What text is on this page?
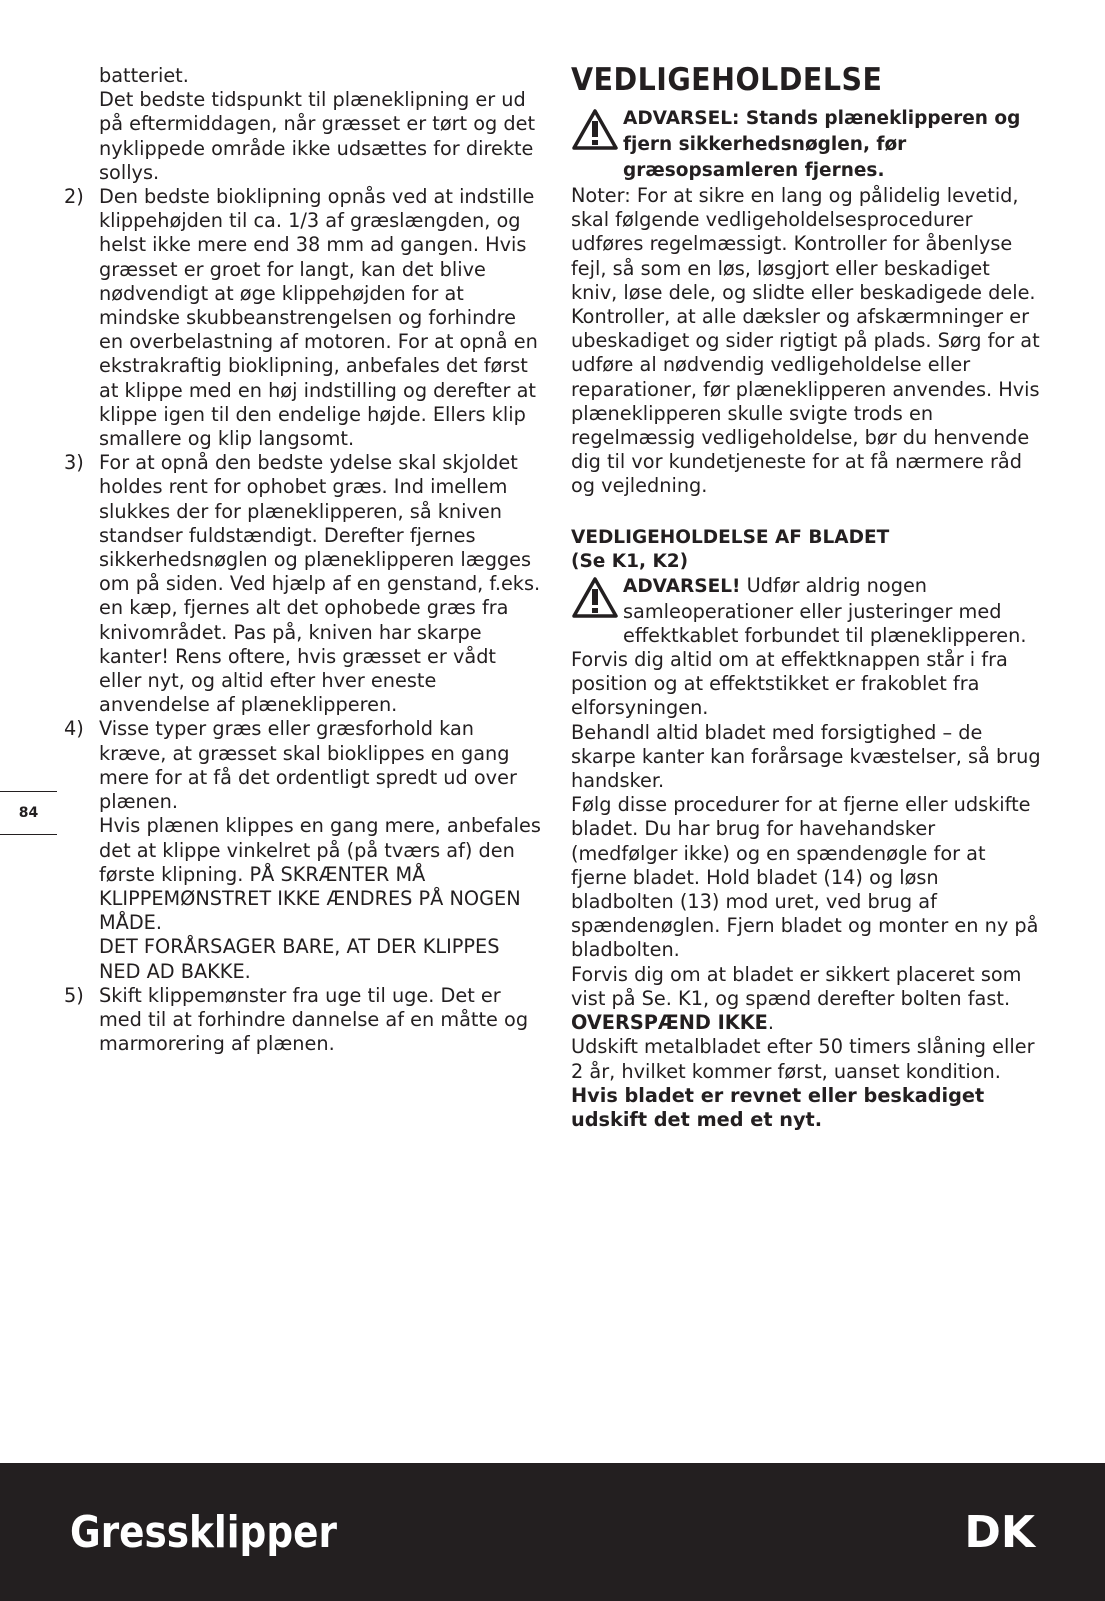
batteriet.
Det bedste tidspunkt til plæneklipning er ud på eftermiddagen, når græsset er tørt og det nyklippede område ikke udsættes for direkte sollys.

2) Den bedste bioklipning opnås ved at indstille klippehøjden til ca. 1/3 af græslængden, og helst ikke mere end 38 mm ad gangen. Hvis græsset er groet for langt, kan det blive nødvendigt at øge klippehøjden for at mindske skubbeanstrengelsen og forhindre en overbelastning af motoren. For at opnå en ekstrakraftig bioklipning, anbefales det først at klippe med en høj indstilling og derefter at klippe igen til den endelige højde. Ellers klip smallere og klip langsomt.
3) For at opnå den bedste ydelse skal skjoldet holdes rent for ophobet græs. Ind imellem slukkes der for plæneklipperen, så kniven standser fuldstændigt. Derefter fjernes sikkerhedsnøglen og plæneklipperen lægges om på siden. Ved hjælp af en genstand, f.eks. en kæp, fjernes alt det ophobede græs fra knivområdet. Pas på, kniven har skarpe kanter! Rens oftere, hvis græsset er vådt eller nyt, og altid efter hver eneste anvendelse af plæneklipperen.
4) Visse typer græs eller græsforhold kan kræve, at græsset skal bioklippes en gang mere for at få det ordentligt spredt ud over plænen.
Hvis plænen klippes en gang mere, anbefales det at klippe vinkelret på (på tværs af) den første klipning. PÅ SKRÆNTER MÅ KLIPPEMØNSTRET IKKE ÆNDRES PÅ NOGEN MÅDE.
DET FORÅRSAGER BARE, AT DER KLIPPES NED AD BAKKE.
5) Skift klippemønster fra uge til uge. Det er med til at forhindre dannelse af en måtte og marmorering af plænen.
84
VEDLIGEHOLDELSE
ADVARSEL: Stands plæneklipperen og fjern sikkerhedsnøglen, før græsopsamleren fjernes.

Noter: For at sikre en lang og pålidelig levetid, skal følgende vedligeholdelsesprocedurer udføres regelmæssigt. Kontroller for åbenlyse fejl, så som en løs, løsgjort eller beskadiget kniv, løse dele, og slidte eller beskadigede dele. Kontroller, at alle dæksler og afskærmninger er ubeskadiget og sider rigtigt på plads. Sørg for at udføre al nødvendig vedligeholdelse eller reparationer, før plæneklipperen anvendes. Hvis plæneklipperen skulle svigte trods en regelmæssig vedligeholdelse, bør du henvende dig til vor kundetjeneste for at få nærmere råd og vejledning.

VEDLIGEHOLDELSE AF BLADET
(Se K1, K2)
ADVARSEL! Udfør aldrig nogen samleoperationer eller justeringer med effektkablet forbundet til plæneklipperen.

Forvis dig altid om at effektknappen står i fra position og at effektstikket er frakoblet fra elforsyningen.

Behandl altid bladet med forsigtighed – de skarpe kanter kan forårsage kvæstelser, så brug handsker.

Følg disse procedurer for at fjerne eller udskifte bladet. Du har brug for havehandsker (medfølger ikke) og en spændenøgle for at fjerne bladet. Hold bladet (14) og løsn bladbolten (13) mod uret, ved brug af spændenøglen. Fjern bladet og monter en ny på bladbolten.

Forvis dig om at bladet er sikkert placeret som vist på Se. K1, og spænd derefter bolten fast. OVERSPÆND IKKE.

Udskift metalbladet efter 50 timers slåning eller 2 år, hvilket kommer først, uanset kondition.

Hvis bladet er revnet eller beskadiget udskift det med et nyt.

Gressklipper	DK
